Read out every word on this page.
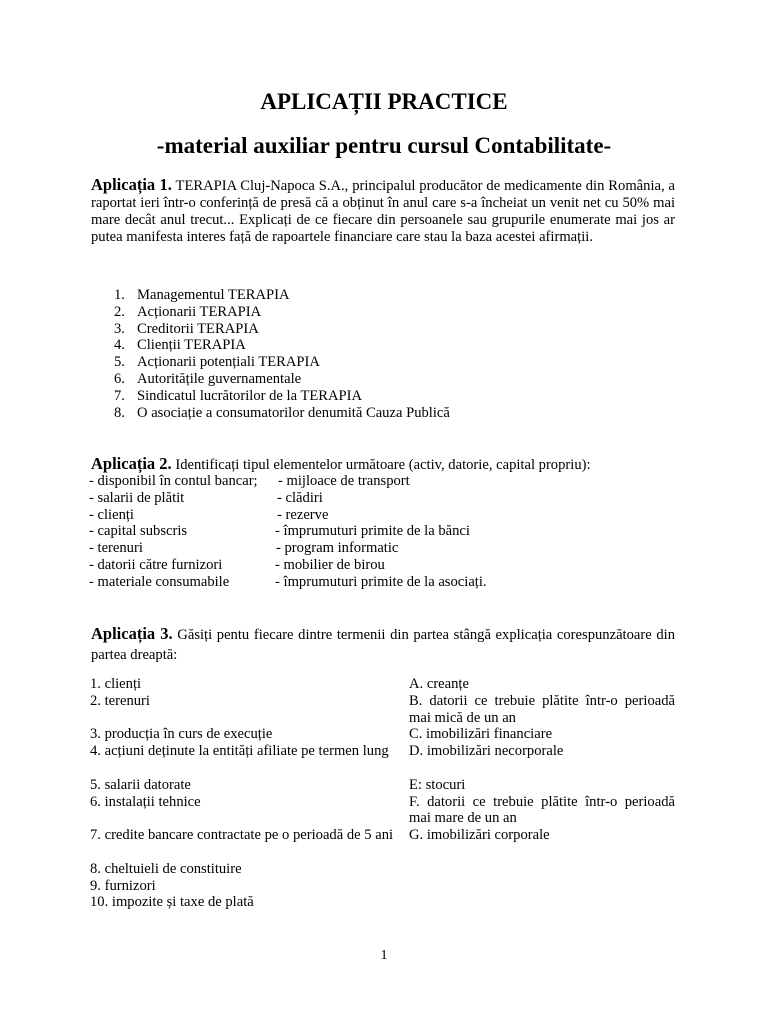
APLICAȚII PRACTICE
-material auxiliar pentru cursul Contabilitate-
Aplicația 1. TERAPIA Cluj-Napoca S.A., principalul producător de medicamente din România, a raportat ieri într-o conferință de presă că a obținut în anul care s-a încheiat un venit net cu 50% mai mare decât anul trecut... Explicați de ce fiecare din persoanele sau grupurile enumerate mai jos ar putea manifesta interes față de rapoartele financiare care stau la baza acestei afirmații.
1. Managementul TERAPIA
2. Acționarii TERAPIA
3. Creditorii TERAPIA
4. Clienții TERAPIA
5. Acționarii potențiali TERAPIA
6. Autoritățile guvernamentale
7. Sindicatul lucrătorilor de la TERAPIA
8. O asociație a consumatorilor denumită Cauza Publică
Aplicația 2. Identificați tipul elementelor următoare (activ, datorie, capital propriu):
- disponibil în contul bancar;
- salarii de plătit
- clienți
- capital subscris
- terenuri
- datorii către furnizori
- materiale consumabile
- mijloace de transport
- clădiri
- rezerve
- împrumuturi primite de la bănci
- program informatic
- mobilier de birou
- împrumuturi primite de la asociați.
Aplicația 3. Găsiți pentu fiecare dintre termenii din partea stângă explicația corespunzătoare din partea dreaptă:
1. clienți
2. terenuri
3. producția în curs de execuție
4. acțiuni deținute la entități afiliate pe termen lung
5. salarii datorate
6. instalații tehnice
7. credite bancare contractate pe o perioadă de 5 ani
8. cheltuieli de constituire
9. furnizori
10. impozite și taxe de plată
A. creanțe
B. datorii ce trebuie plătite într-o perioadă mai mică de un an
C. imobilizări financiare
D. imobilizări necorporale
E: stocuri
F. datorii ce trebuie plătite într-o perioadă mai mare de un an
G. imobilizări corporale
1
